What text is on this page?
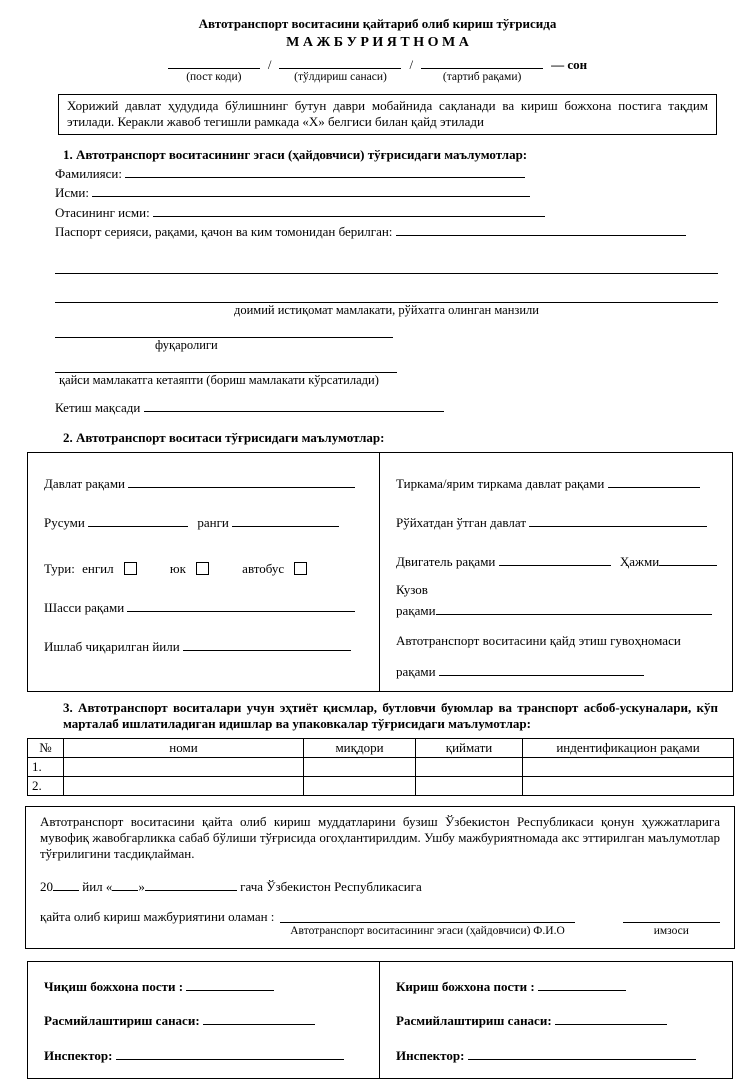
Автотранспорт воситасини қайтариб олиб кириш тўғрисида
М А Ж Б У Р И Я Т Н О М А
(пост коди)
/
(тўлдириш санаси)
/
(тартиб рақами)
— сон
Хорижий давлат ҳудудида бўлишнинг бутун даври мобайнида сақланади ва кириш божхона постига тақдим этилади. Керакли жавоб тегишли рамкада «Х» белгиси билан қайд этилади
1. Автотранспорт воситасининг эгаси (ҳайдовчиси) тўғрисидаги маълумотлар:
Фамилияси:
Исми:
Отасининг исми:
Паспорт серияси, рақами, қачон ва ким томонидан берилган:
доимий истиқомат мамлакати, рўйхатга олинган манзили
фуқаролиги
қайси мамлакатга кетаяпти (бориш мамлакати кўрсатилади)
Кетиш мақсади
2. Автотранспорт воситаси тўғрисидаги маълумотлар:
Давлат рақами
Русуми	ранги
Тури: енгил	юк	автобус
Шасси рақами
Ишлаб чиқарилган йили
Тиркама/ярим тиркама давлат рақами
Рўйхатдан ўтган давлат
Двигатель рақами	Ҳажми
Кузов
рақами
Автотранспорт воситасини қайд этиш гувоҳномаси рақами
3. Автотранспорт воситалари учун эҳтиёт қисмлар, бутловчи буюмлар ва транспорт асбоб-ускуналари, кўп марталаб ишлатиладиган идишлар ва упаковкалар тўғрисидаги маълумотлар:
№	номи	миқдори	қиймати	индентификацион рақами
1.				
2.				
Автотранспорт воситасини қайта олиб кириш муддатларини бузиш Ўзбекистон Республикаси қонун ҳужжатларига мувофиқ жавобгарликка сабаб бўлиши тўғрисида огоҳлантирилдим. Ушбу мажбуриятномада акс эттирилган маълумотлар тўғрилигини тасдиқлайман.
20 йил « »	гача Ўзбекистон Республикасига
қайта олиб кириш мажбуриятини оламан :
Автотранспорт воситасининг эгаси (ҳайдовчиси) Ф.И.О	имзоси
Чиқиш божхона пости :
Расмийлаштириш санаси:
Инспектор:
Кириш божхона пости :
Расмийлаштириш санаси:
Инспектор:
